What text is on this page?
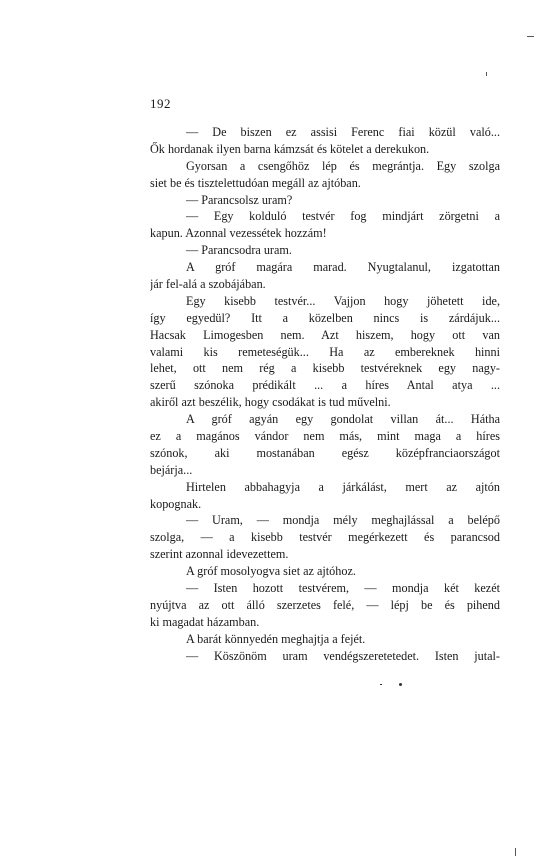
192
— De biszen ez assisi Ferenc fiai közül való...
Ők hordanak ilyen barna kámzsát és kötelet a derekukon.
Gyorsan a csengőhöz lép és megrántja. Egy szolga
siet be és tisztelettudóan megáll az ajtóban.
— Parancsolsz uram?
— Egy kolduló testvér fog mindjárt zörgetni a
kapun. Azonnal vezessétek hozzám!
— Parancsodra uram.
A gróf magára marad. Nyugtalanul, izgatottan
jár fel-alá a szobájában.
Egy kisebb testvér... Vajjon hogy jöhetett ide,
így egyedül? Itt a közelben nincs is zárdájuk...
Hacsak Limogesben nem. Azt hiszem, hogy ott van
valami kis remeteségük... Ha az embereknek hinni
lehet, ott nem rég a kisebb testvéreknek egy nagy-
szerű szónoka prédikált ... a híres Antal atya ...
akiről azt beszélik, hogy csodákat is tud művelni.
A gróf agyán egy gondolat villan át... Hátha
ez a magános vándor nem más, mint maga a híres
szónok, aki mostanában egész középfranciaországot
bejárja...
Hirtelen abbahagyja a járkálást, mert az ajtón
kopognak.
— Uram, — mondja mély meghajlással a belépő
szolga, — a kisebb testvér megérkezett és parancsod
szerint azonnal idevezettem.
A gróf mosolyogva siet az ajtóhoz.
— Isten hozott testvérem, — mondja két kezét
nyújtva az ott álló szerzetes felé, — lépj be és pihend
ki magadat házamban.
A barát könnyedén meghajtja a fejét.
— Köszönöm uram vendégszeretetedet. Isten jutal-
